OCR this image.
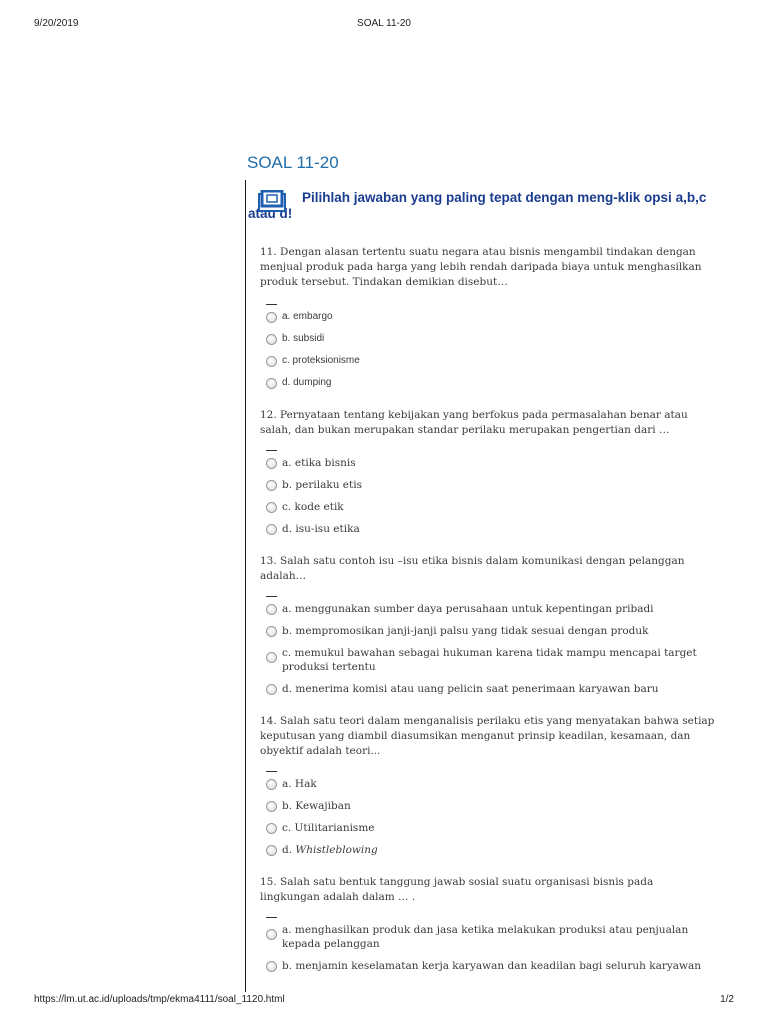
9/20/2019	SOAL 11-20
SOAL 11-20

Pilihlah jawaban yang paling tepat dengan meng-klik opsi a,b,c atau d!

11. Dengan alasan tertentu suatu negara atau bisnis mengambil tindakan dengan menjual produk pada harga yang lebih rendah daripada biaya untuk menghasilkan produk tersebut. Tindakan demikian disebut…
a. embargo
b. subsidi
c. proteksionisme
d. dumping
12. Pernyataan tentang kebijakan yang berfokus pada permasalahan benar atau salah, dan bukan merupakan standar perilaku merupakan pengertian dari …
a. etika bisnis
b. perilaku etis
c. kode etik
d. isu-isu etika
13. Salah satu contoh isu –isu etika bisnis dalam komunikasi dengan pelanggan adalah…
a. menggunakan sumber daya perusahaan untuk kepentingan pribadi
b. mempromosikan janji-janji palsu yang tidak sesuai dengan produk
c. memukul bawahan sebagai hukuman karena tidak mampu mencapai target produksi tertentu
d. menerima komisi atau uang pelicin saat penerimaan karyawan baru
14. Salah satu teori dalam menganalisis perilaku etis yang menyatakan bahwa setiap keputusan yang diambil diasumsikan menganut prinsip keadilan, kesamaan, dan obyektif adalah teori...
a. Hak
b. Kewajiban
c. Utilitarianisme
d. Whistleblowing
15. Salah satu bentuk tanggung jawab sosial suatu organisasi bisnis pada lingkungan adalah dalam … .
a. menghasilkan produk dan jasa ketika melakukan produksi atau penjualan kepada pelanggan
b. menjamin keselamatan kerja karyawan dan keadilan bagi seluruh karyawan
https://lm.ut.ac.id/uploads/tmp/ekma4111/soal_1120.html	1/2
